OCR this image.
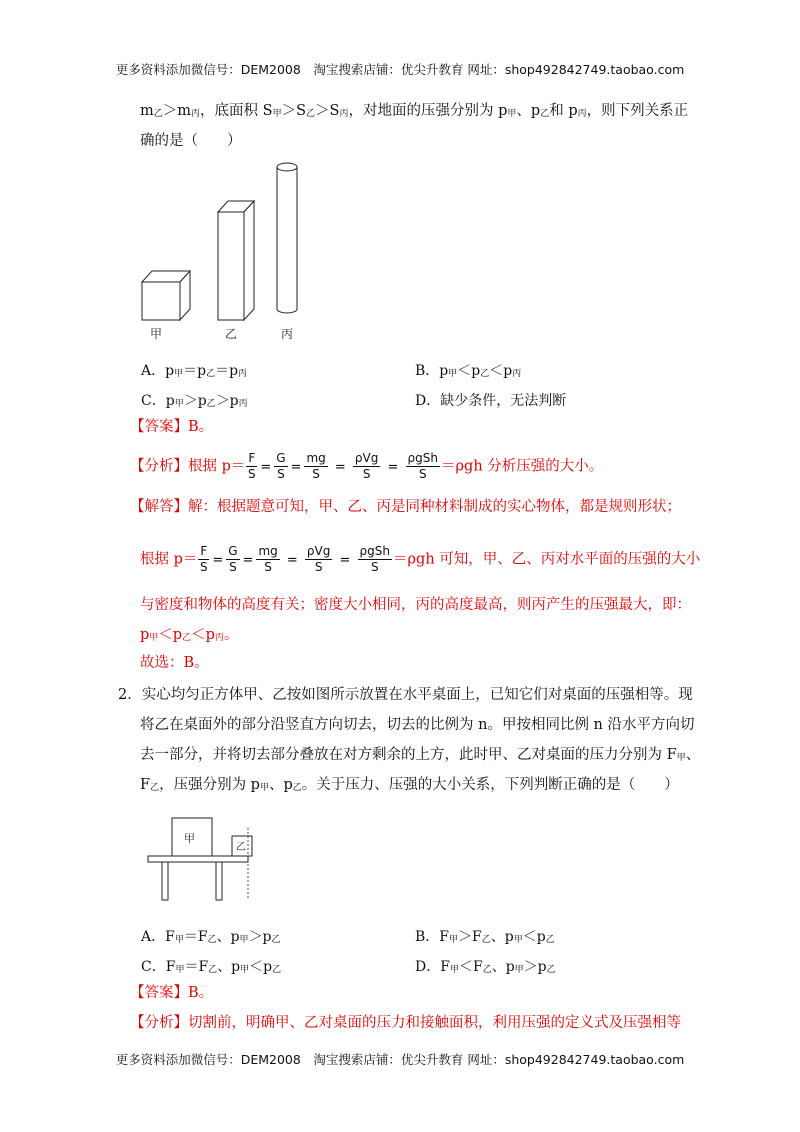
更多资料添加微信号：DEM2008　淘宝搜索店铺：优尖升教育 网址：shop492842749.taobao.com
$m_乙>m_丙$，底面积 $S_甲>S_乙>S_丙$，对地面的压强分别为 $p_甲$、$p_乙$和 $p_丙$，则下列关系正
确的是（　　）
甲	乙	丙
A．$p_甲=p_乙=p_丙$	B．$p_甲<p_乙<p_丙$
C．$p_甲>p_乙>p_丙$	D．缺少条件，无法判断
【答案】B。
【分析】根据 $p= \frac{F}{S} = \frac{G}{S} = \frac{mg}{S} = \frac{\text{ρVg}}{S} = \frac{\text{ρgSh}}{S} =\rho gh$ 分析压强的大小。
【解答】解：根据题意可知，甲、乙、丙是同种材料制成的实心物体，都是规则形状；
根据 $p= \frac{F}{S} = \frac{G}{S} = \frac{mg}{S} = \frac{\text{ρVg}}{S} = \frac{\text{ρgSh}}{S} =\rho gh$ 可知，甲、乙、丙对水平面的压强的大小
与密度和物体的高度有关；密度大小相同，丙的高度最高，则丙产生的压强最大，即：
$p_甲<p_乙<p_丙$。
故选：B。
2．实心均匀正方体甲、乙按如图所示放置在水平桌面上，已知它们对桌面的压强相等。现
将乙在桌面外的部分沿竖直方向切去，切去的比例为 n。甲按相同比例 n 沿水平方向切
去一部分，并将切去部分叠放在对方剩余的上方，此时甲、乙对桌面的压力分别为 $F_甲$、
$F_乙$，压强分别为 $p_甲$、$p_乙$。关于压力、压强的大小关系，下列判断正确的是（　　）
甲
乙
A．$F_甲=F_乙$、$p_甲>p_乙$	B．$F_甲>F_乙$、$p_甲<p_乙$
C．$F_甲=F_乙$、$p_甲<p_乙$	D．$F_甲<F_乙$、$p_甲>p_乙$
【答案】B。
【分析】切割前，明确甲、乙对桌面的压力和接触面积，利用压强的定义式及压强相等
更多资料添加微信号：DEM2008　淘宝搜索店铺：优尖升教育 网址：shop492842749.taobao.com
